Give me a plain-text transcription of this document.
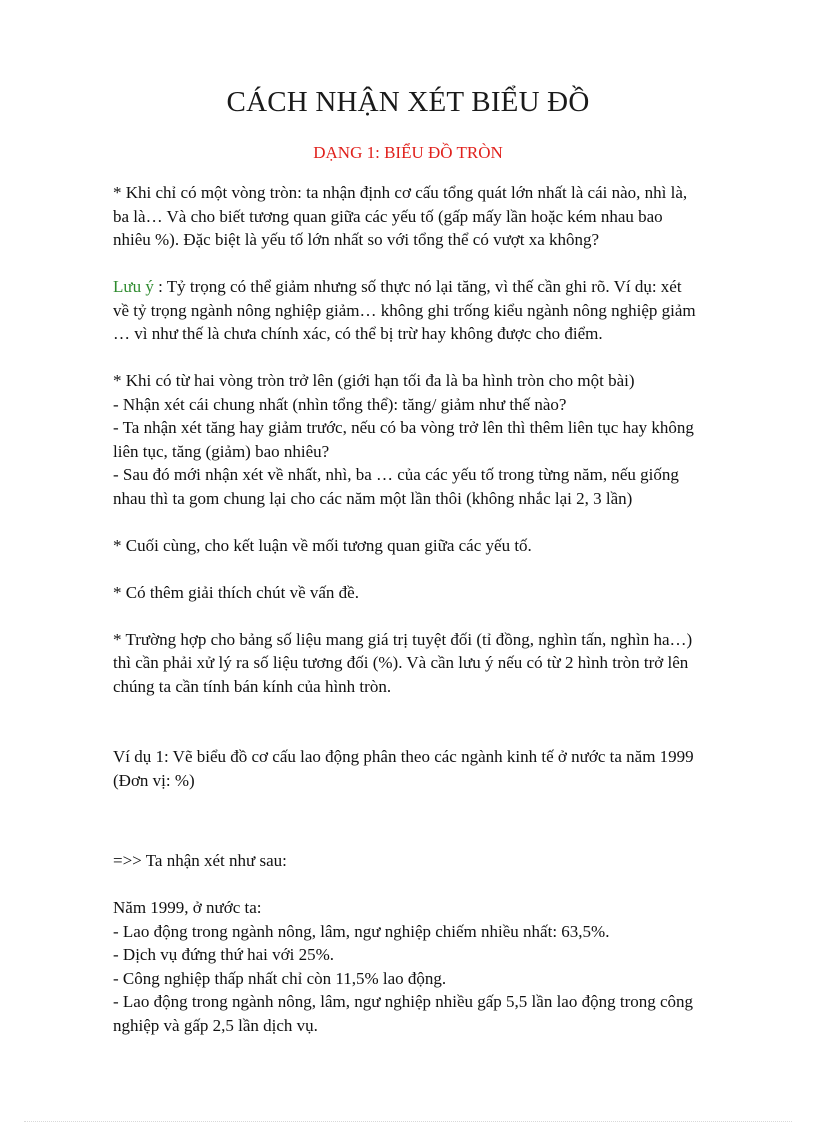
CÁCH NHẬN XÉT BIỂU ĐỒ
DẠNG 1: BIỂU ĐỒ TRÒN

* Khi chỉ có một vòng tròn: ta nhận định cơ cấu tổng quát lớn nhất là cái nào, nhì là,

ba là… Và cho biết tương quan giữa các yếu tố (gấp mấy lần hoặc kém nhau bao

nhiêu %). Đặc biệt là yếu tố lớn nhất so với tổng thể có vượt xa không?

Lưu ý : Tỷ trọng có thể giảm nhưng số thực nó lại tăng, vì thế cần ghi rõ. Ví dụ: xét

về tỷ trọng ngành nông nghiệp giảm… không ghi trống kiểu ngành nông nghiệp giảm

… vì như thế là chưa chính xác, có thể bị trừ hay không được cho điểm.

* Khi có từ hai vòng tròn trở lên (giới hạn tối đa là ba hình tròn cho một bài)

- Nhận xét cái chung nhất (nhìn tổng thể): tăng/ giảm như thế nào?

- Ta nhận xét tăng hay giảm trước, nếu có ba vòng trở lên thì thêm liên tục hay không

liên tục, tăng (giảm) bao nhiêu?

- Sau đó mới nhận xét về nhất, nhì, ba … của các yếu tố trong từng năm, nếu giống

nhau thì ta gom chung lại cho các năm một lần thôi (không nhắc lại 2, 3 lần)

* Cuối cùng, cho kết luận về mối tương quan giữa các yếu tố.

* Có thêm giải thích chút về vấn đề.

* Trường hợp cho bảng số liệu mang giá trị tuyệt đối (tỉ đồng, nghìn tấn, nghìn ha…)

thì cần phải xử lý ra số liệu tương đối (%). Và cần lưu ý nếu có từ 2 hình tròn trở lên

chúng ta cần tính bán kính của hình tròn.

Ví dụ 1: Vẽ biểu đồ cơ cấu lao động phân theo các ngành kinh tế ở nước ta năm 1999

(Đơn vị: %)

=>> Ta nhận xét như sau:

Năm 1999, ở nước ta:

- Lao động trong ngành nông, lâm, ngư nghiệp chiếm nhiều nhất: 63,5%.

- Dịch vụ đứng thứ hai với 25%.

- Công nghiệp thấp nhất chỉ còn 11,5% lao động.

- Lao động trong ngành nông, lâm, ngư nghiệp nhiều gấp 5,5 lần lao động trong công

nghiệp và gấp 2,5 lần dịch vụ.
